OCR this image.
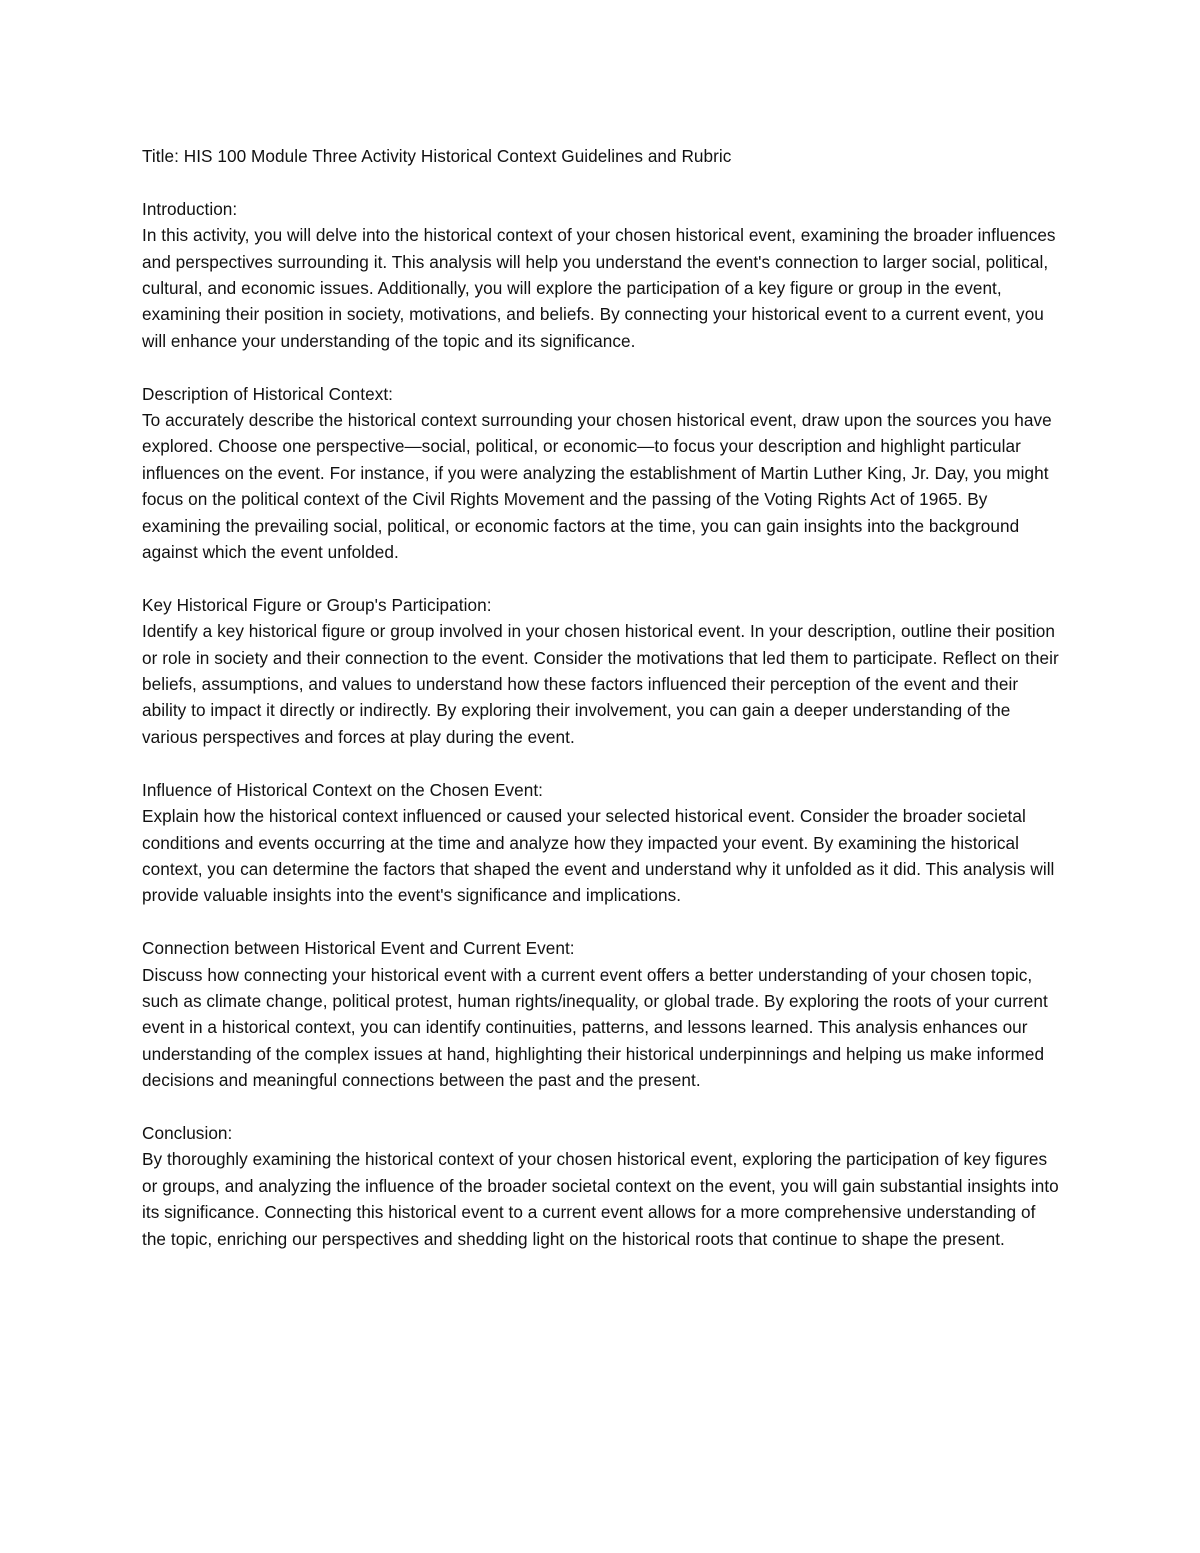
Title: HIS 100 Module Three Activity Historical Context Guidelines and Rubric
Introduction:
In this activity, you will delve into the historical context of your chosen historical event, examining the broader influences and perspectives surrounding it. This analysis will help you understand the event's connection to larger social, political, cultural, and economic issues. Additionally, you will explore the participation of a key figure or group in the event, examining their position in society, motivations, and beliefs. By connecting your historical event to a current event, you will enhance your understanding of the topic and its significance.
Description of Historical Context:
To accurately describe the historical context surrounding your chosen historical event, draw upon the sources you have explored. Choose one perspective—social, political, or economic—to focus your description and highlight particular influences on the event. For instance, if you were analyzing the establishment of Martin Luther King, Jr. Day, you might focus on the political context of the Civil Rights Movement and the passing of the Voting Rights Act of 1965. By examining the prevailing social, political, or economic factors at the time, you can gain insights into the background against which the event unfolded.
Key Historical Figure or Group's Participation:
Identify a key historical figure or group involved in your chosen historical event. In your description, outline their position or role in society and their connection to the event. Consider the motivations that led them to participate. Reflect on their beliefs, assumptions, and values to understand how these factors influenced their perception of the event and their ability to impact it directly or indirectly. By exploring their involvement, you can gain a deeper understanding of the various perspectives and forces at play during the event.
Influence of Historical Context on the Chosen Event:
Explain how the historical context influenced or caused your selected historical event. Consider the broader societal conditions and events occurring at the time and analyze how they impacted your event. By examining the historical context, you can determine the factors that shaped the event and understand why it unfolded as it did. This analysis will provide valuable insights into the event's significance and implications.
Connection between Historical Event and Current Event:
Discuss how connecting your historical event with a current event offers a better understanding of your chosen topic, such as climate change, political protest, human rights/inequality, or global trade. By exploring the roots of your current event in a historical context, you can identify continuities, patterns, and lessons learned. This analysis enhances our understanding of the complex issues at hand, highlighting their historical underpinnings and helping us make informed decisions and meaningful connections between the past and the present.
Conclusion:
By thoroughly examining the historical context of your chosen historical event, exploring the participation of key figures or groups, and analyzing the influence of the broader societal context on the event, you will gain substantial insights into its significance. Connecting this historical event to a current event allows for a more comprehensive understanding of the topic, enriching our perspectives and shedding light on the historical roots that continue to shape the present.
